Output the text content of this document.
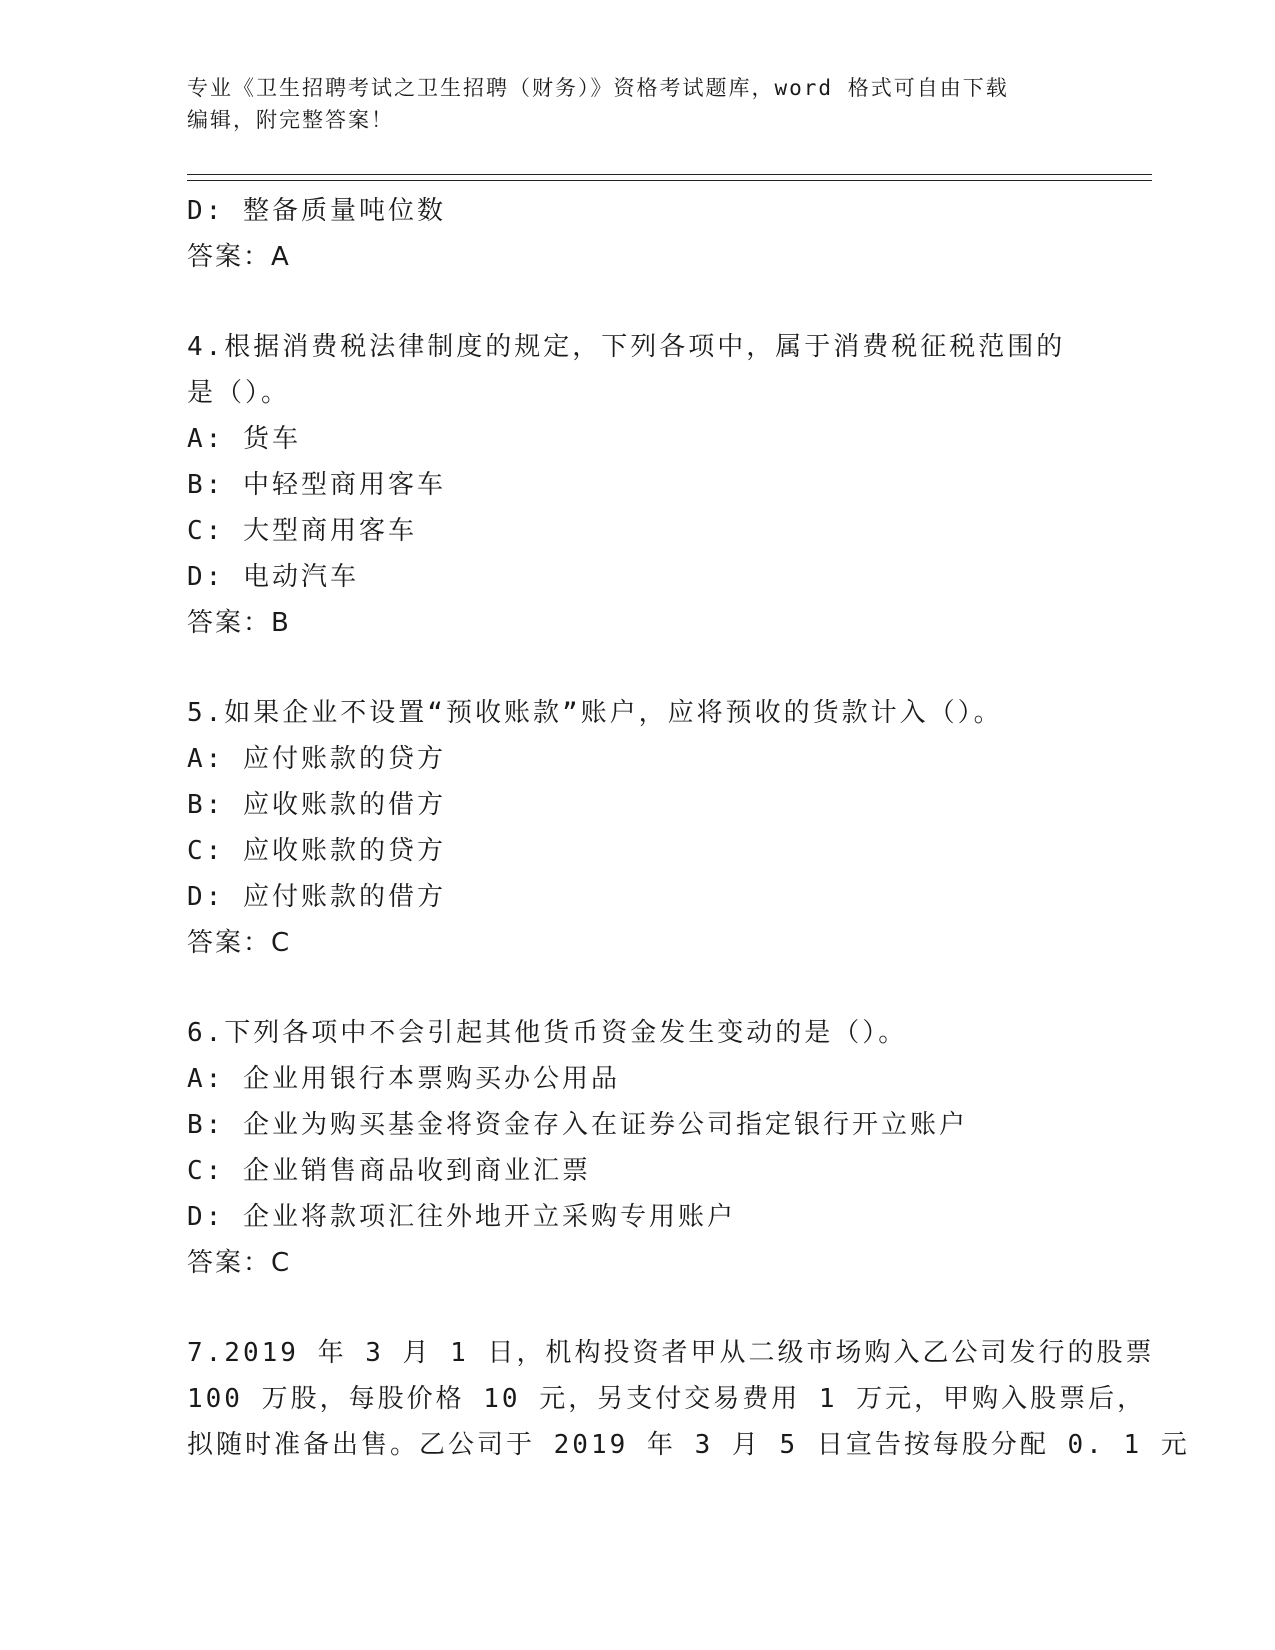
专业《卫生招聘考试之卫生招聘（财务）》资格考试题库，word 格式可自由下载
编辑，附完整答案！
D: 整备质量吨位数
答案：A
4.根据消费税法律制度的规定，下列各项中，属于消费税征税范围的
是（）。
A: 货车
B: 中轻型商用客车
C: 大型商用客车
D: 电动汽车
答案：B
5.如果企业不设置“预收账款”账户，应将预收的货款计入（）。
A: 应付账款的贷方
B: 应收账款的借方
C: 应收账款的贷方
D: 应付账款的借方
答案：C
6.下列各项中不会引起其他货币资金发生变动的是（）。
A: 企业用银行本票购买办公用品
B: 企业为购买基金将资金存入在证券公司指定银行开立账户
C: 企业销售商品收到商业汇票
D: 企业将款项汇往外地开立采购专用账户
答案：C
7.2019 年 3 月 1 日，机构投资者甲从二级市场购入乙公司发行的股票
100 万股，每股价格 10 元，另支付交易费用 1 万元，甲购入股票后，
拟随时准备出售。乙公司于 2019 年 3 月 5 日宣告按每股分配 0. 1 元
